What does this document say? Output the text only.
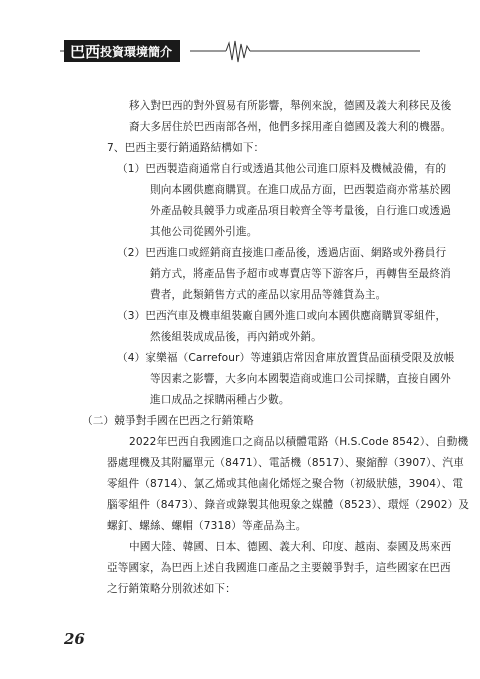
巴西 投資環境簡介
移入對巴西的對外貿易有所影響，舉例來說，德國及義大利移民及後
裔大多居住於巴西南部各州，他們多採用產自德國及義大利的機器。
7、巴西主要行銷通路結構如下：
（1）巴西製造商通常自行或透過其他公司進口原料及機械設備，有的
則向本國供應商購買。在進口成品方面，巴西製造商亦常基於國
外產品較具競爭力或產品項目較齊全等考量後，自行進口或透過
其他公司從國外引進。
（2）巴西進口或經銷商直接進口產品後，透過店面、網路或外務員行
銷方式，將產品售予超市或專賣店等下游客戶，再轉售至最終消
費者，此類銷售方式的產品以家用品等雜貨為主。
（3）巴西汽車及機車組裝廠自國外進口或向本國供應商購買零組件，
然後組裝成成品後，再內銷或外銷。
（4）家樂福（Carrefour）等連鎖店常因倉庫放置貨品面積受限及放帳
等因素之影響，大多向本國製造商或進口公司採購，直接自國外
進口成品之採購兩種占少數。
（二）競爭對手國在巴西之行銷策略
2022年巴西自我國進口之商品以積體電路（H.S.Code 8542）、自動機
器處理機及其附屬單元（8471）、電話機（8517）、聚縮醇（3907）、汽車
零組件（8714）、氯乙烯或其他鹵化烯烴之聚合物（初級狀態，3904）、電
腦零組件（8473）、錄音或錄製其他現象之媒體（8523）、環烴（2902）及
螺釘、螺絲、螺帽（7318）等產品為主。
中國大陸、韓國、日本、德國、義大利、印度、越南、泰國及馬來西
亞等國家，為巴西上述自我國進口產品之主要競爭對手，這些國家在巴西
之行銷策略分別敘述如下：
26
